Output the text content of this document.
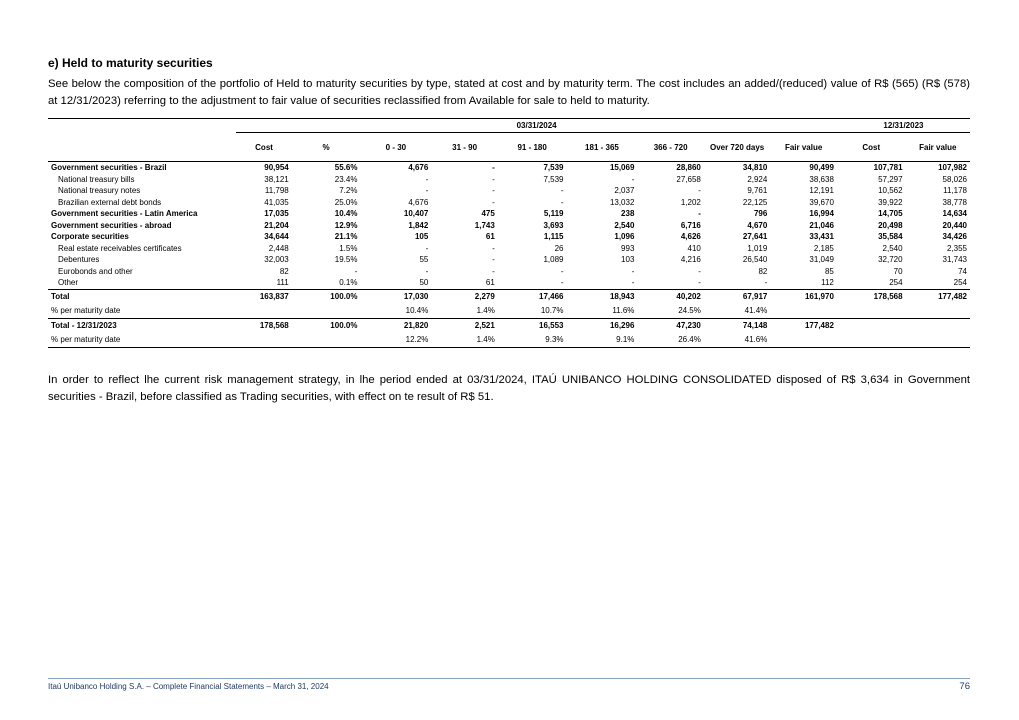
e) Held to maturity securities
See below the composition of the portfolio of Held to maturity securities by type, stated at cost and by maturity term. The cost includes an added/(reduced) value of R$ (565) (R$ (578) at 12/31/2023) referring to the adjustment to fair value of securities reclassified from Available for sale to held to maturity.
	03/31/2024									12/31/2023	
	Cost	%	0 - 30	31 - 90	91 - 180	181 - 365	366 - 720	Over 720 days	Fair value	Cost	Fair value
Government securities - Brazil	90,954	55.6%	4,676	-	7,539	15,069	28,860	34,810	90,499	107,781	107,982
National treasury bills	38,121	23.4%	-	-	7,539	-	27,658	2,924	38,638	57,297	58,026
National treasury notes	11,798	7.2%	-	-	-	2,037	-	9,761	12,191	10,562	11,178
Brazilian external debt bonds	41,035	25.0%	4,676	-	-	13,032	1,202	22,125	39,670	39,922	38,778
Government securities - Latin America	17,035	10.4%	10,407	475	5,119	238	-	796	16,994	14,705	14,634
Government securities - abroad	21,204	12.9%	1,842	1,743	3,693	2,540	6,716	4,670	21,046	20,498	20,440
Corporate securities	34,644	21.1%	105	61	1,115	1,096	4,626	27,641	33,431	35,584	34,426
Real estate receivables certificates	2,448	1.5%	-	-	26	993	410	1,019	2,185	2,540	2,355
Debentures	32,003	19.5%	55	-	1,089	103	4,216	26,540	31,049	32,720	31,743
Eurobonds and other	82	-	-	-	-	-	-	82	85	70	74
Other	111	0.1%	50	61	-	-	-	-	112	254	254
Total	163,837	100.0%	17,030	2,279	17,466	18,943	40,202	67,917	161,970	178,568	177,482
% per maturity date			10.4%	1.4%	10.7%	11.6%	24.5%	41.4%			
Total - 12/31/2023	178,568	100.0%	21,820	2,521	16,553	16,296	47,230	74,148	177,482		
% per maturity date			12.2%	1.4%	9.3%	9.1%	26.4%	41.6%			
In order to reflect lhe current risk management strategy, in lhe period ended at 03/31/2024, ITAÚ UNIBANCO HOLDING CONSOLIDATED disposed of R$ 3,634 in Government securities - Brazil, before classified as Trading securities, with effect on te result of R$ 51.
Itaú Unibanco Holding S.A. – Complete Financial Statements – March 31, 2024	76
